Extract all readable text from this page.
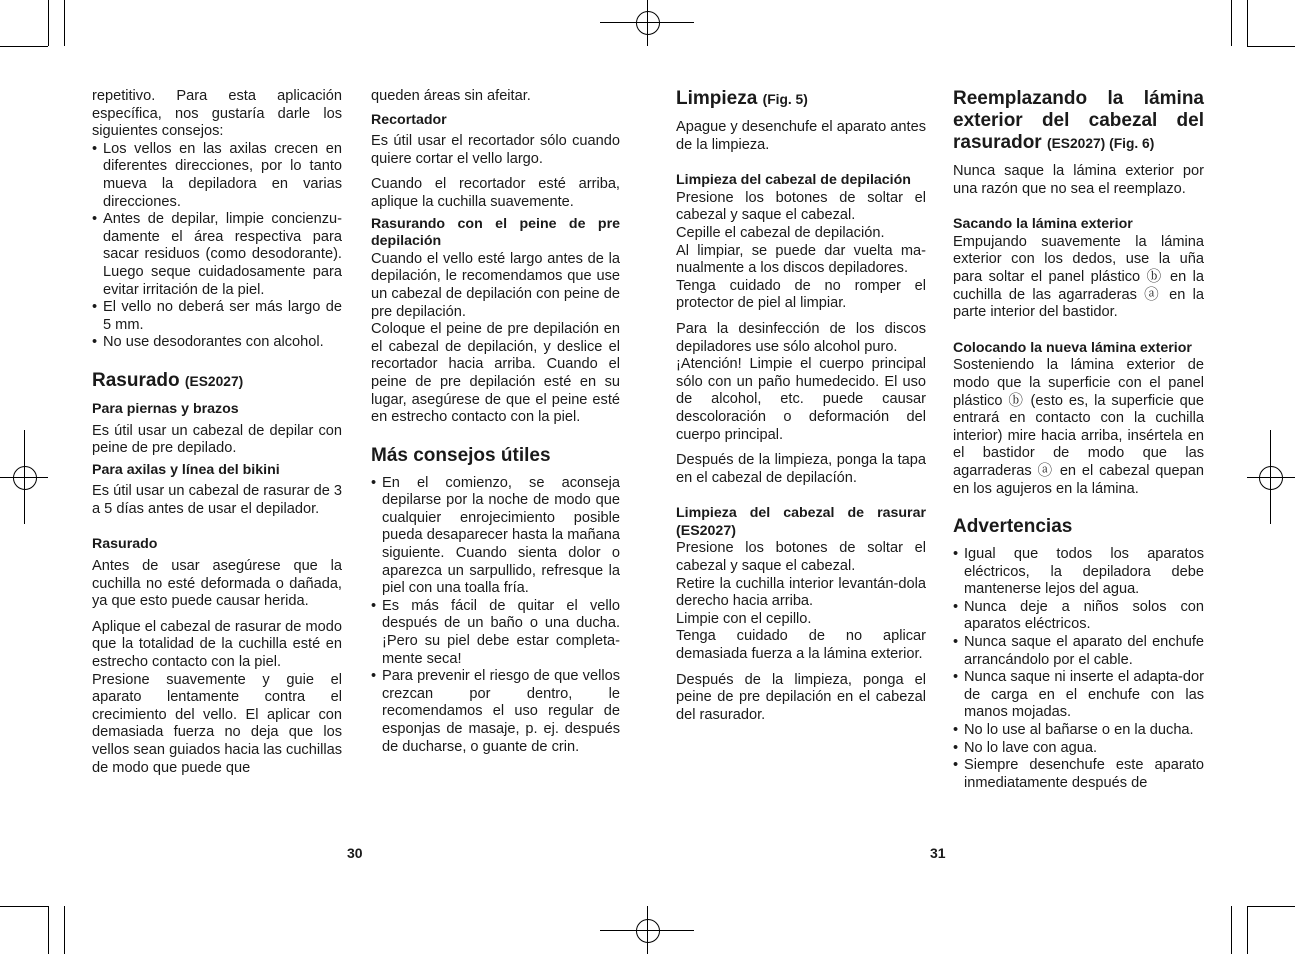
repetitivo. Para esta aplicación específica, nos gustaría darle los siguientes consejos:

• Los vellos en las axilas crecen en diferentes direcciones, por lo tanto mueva la depiladora en varias direcciones.
• Antes de depilar, limpie concienzu-damente el área respectiva para sacar residuos (como desodorante). Luego seque cuidadosamente para evitar irritación de la piel.
• El vello no deberá ser más largo de 5 mm.
• No use desodorantes con alcohol.

Rasurado (ES2027)

Para piernas y brazos

Es útil usar un cabezal de depilar con peine de pre depilado.

Para axilas y línea del bikini

Es útil usar un cabezal de rasurar de 3 a 5 días antes de usar el depilador.

Rasurado

Antes de usar asegúrese que la cuchilla no esté deformada o dañada, ya que esto puede causar herida.

Aplique el cabezal de rasurar de modo que la totalidad de la cuchilla esté en estrecho contacto con la piel.

Presione suavemente y guie el aparato lentamente contra el crecimiento del vello. El aplicar con demasiada fuerza no deja que los vellos sean guiados hacia las cuchillas de modo que puede que

queden áreas sin afeitar.

Recortador

Es útil usar el recortador sólo cuando quiere cortar el vello largo.

Cuando el recortador esté arriba, aplique la cuchilla suavemente.

Rasurando con el peine de pre depilación

Cuando el vello esté largo antes de la depilación, le recomendamos que use un cabezal de depilación con peine de pre depilación.

Coloque el peine de pre depilación en el cabezal de depilación, y deslice el recortador hacia arriba. Cuando el peine de pre depilación esté en su lugar, asegúrese de que el peine esté en estrecho contacto con la piel.

Más consejos útiles

• En el comienzo, se aconseja depilarse por la noche de modo que cualquier enrojecimiento posible pueda desaparecer hasta la mañana siguiente. Cuando sienta dolor o aparezca un sarpullido, refresque la piel con una toalla fría.
• Es más fácil de quitar el vello después de un baño o una ducha. ¡Pero su piel debe estar completa-mente seca!
• Para prevenir el riesgo de que vellos crezcan por dentro, le recomendamos el uso regular de esponjas de masaje, p. ej. después de ducharse, o guante de crin.

Limpieza (Fig. 5)

Apague y desenchufe el aparato antes de la limpieza.

Limpieza del cabezal de depilación

Presione los botones de soltar el cabezal y saque el cabezal.

Cepille el cabezal de depilación.

Al limpiar, se puede dar vuelta ma-nualmente a los discos depiladores.

Tenga cuidado de no romper el protector de piel al limpiar.

Para la desinfección de los discos depiladores use sólo alcohol puro.

¡Atención! Limpie el cuerpo principal sólo con un paño humedecido. El uso de alcohol, etc. puede causar descoloración o deformación del cuerpo principal.

Después de la limpieza, ponga la tapa en el cabezal de depilacíón.

Limpieza del cabezal de rasurar (ES2027)

Presione los botones de soltar el cabezal y saque el cabezal.

Retire la cuchilla interior levantán-dola derecho hacia arriba.

Limpie con el cepillo.

Tenga cuidado de no aplicar demasiada fuerza a la lámina exterior.

Después de la limpieza, ponga el peine de pre depilación en el cabezal del rasurador.

Reemplazando la lámina exterior del cabezal del rasurador (ES2027) (Fig. 6)

Nunca saque la lámina exterior por una razón que no sea el reemplazo.

Sacando la lámina exterior

Empujando suavemente la lámina exterior con los dedos, use la uña para soltar el panel plástico ⓑ en la cuchilla de las agarraderas ⓐ en la parte interior del bastidor.

Colocando la nueva lámina exterior

Sosteniendo la lámina exterior de modo que la superficie con el panel plástico ⓑ (esto es, la superficie que entrará en contacto con la cuchilla interior) mire hacia arriba, insértela en el bastidor de modo que las agarraderas ⓐ en el cabezal quepan en los agujeros en la lámina.

Advertencias

• Igual que todos los aparatos eléctricos, la depiladora debe mantenerse lejos del agua.
• Nunca deje a niños solos con aparatos eléctricos.
• Nunca saque el aparato del enchufe arrancándolo por el cable.
• Nunca saque ni inserte el adapta-dor de carga en el enchufe con las manos mojadas.
• No lo use al bañarse o en la ducha.
• No lo lave con agua.
• Siempre desenchufe este aparato inmediatamente después de
30	31
